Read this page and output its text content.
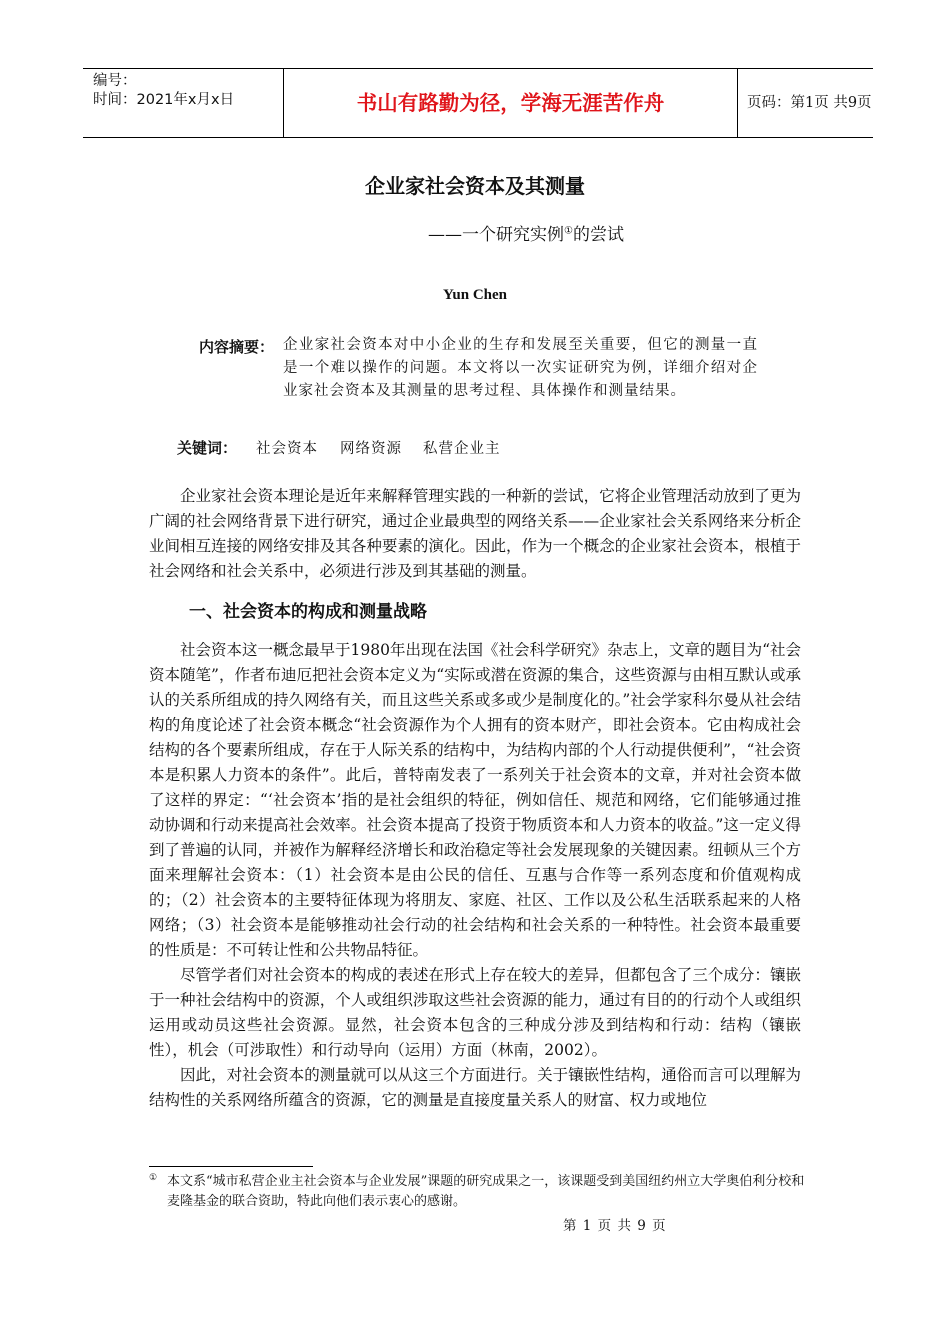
编号：
时间：2021年x月x日	书山有路勤为径，学海无涯苦作舟	页码：第1页 共9页
企业家社会资本及其测量
——一个研究实例①的尝试
Yun Chen
内容摘要： 企业家社会资本对中小企业的生存和发展至关重要，但它的测量一直是一个难以操作的问题。本文将以一次实证研究为例，详细介绍对企业家社会资本及其测量的思考过程、具体操作和测量结果。
关键词： 社会资本 网络资源 私营企业主

企业家社会资本理论是近年来解释管理实践的一种新的尝试，它将企业管理活动放到了更为广阔的社会网络背景下进行研究，通过企业最典型的网络关系——企业家社会关系网络来分析企业间相互连接的网络安排及其各种要素的演化。因此，作为一个概念的企业家社会资本，根植于社会网络和社会关系中，必须进行涉及到其基础的测量。

一、社会资本的构成和测量战略

社会资本这一概念最早于1980年出现在法国《社会科学研究》杂志上，文章的题目为“社会资本随笔”，作者布迪厄把社会资本定义为“实际或潜在资源的集合，这些资源与由相互默认或承认的关系所组成的持久网络有关，而且这些关系或多或少是制度化的。”社会学家科尔曼从社会结构的角度论述了社会资本概念“社会资源作为个人拥有的资本财产，即社会资本。它由构成社会结构的各个要素所组成，存在于人际关系的结构中，为结构内部的个人行动提供便利”，“社会资本是积累人力资本的条件”。此后，普特南发表了一系列关于社会资本的文章，并对社会资本做了这样的界定：“‘社会资本’指的是社会组织的特征，例如信任、规范和网络，它们能够通过推动协调和行动来提高社会效率。社会资本提高了投资于物质资本和人力资本的收益。”这一定义得到了普遍的认同，并被作为解释经济增长和政治稳定等社会发展现象的关键因素。纽顿从三个方面来理解社会资本：（1）社会资本是由公民的信任、互惠与合作等一系列态度和价值观构成的；（2）社会资本的主要特征体现为将朋友、家庭、社区、工作以及公私生活联系起来的人格网络；（3）社会资本是能够推动社会行动的社会结构和社会关系的一种特性。社会资本最重要的性质是：不可转让性和公共物品特征。

尽管学者们对社会资本的构成的表述在形式上存在较大的差异，但都包含了三个成分：镶嵌于一种社会结构中的资源，个人或组织涉取这些社会资源的能力，通过有目的的行动个人或组织运用或动员这些社会资源。显然，社会资本包含的三种成分涉及到结构和行动：结构（镶嵌性），机会（可涉取性）和行动导向（运用）方面（林南，2002）。

因此，对社会资本的测量就可以从这三个方面进行。关于镶嵌性结构，通俗而言可以理解为结构性的关系网络所蕴含的资源，它的测量是直接度量关系人的财富、权力或地位

① 本文系“城市私营企业主社会资本与企业发展”课题的研究成果之一，该课题受到美国纽约州立大学奥伯利分校和麦隆基金的联合资助，特此向他们表示衷心的感谢。
第 1 页 共 9 页
